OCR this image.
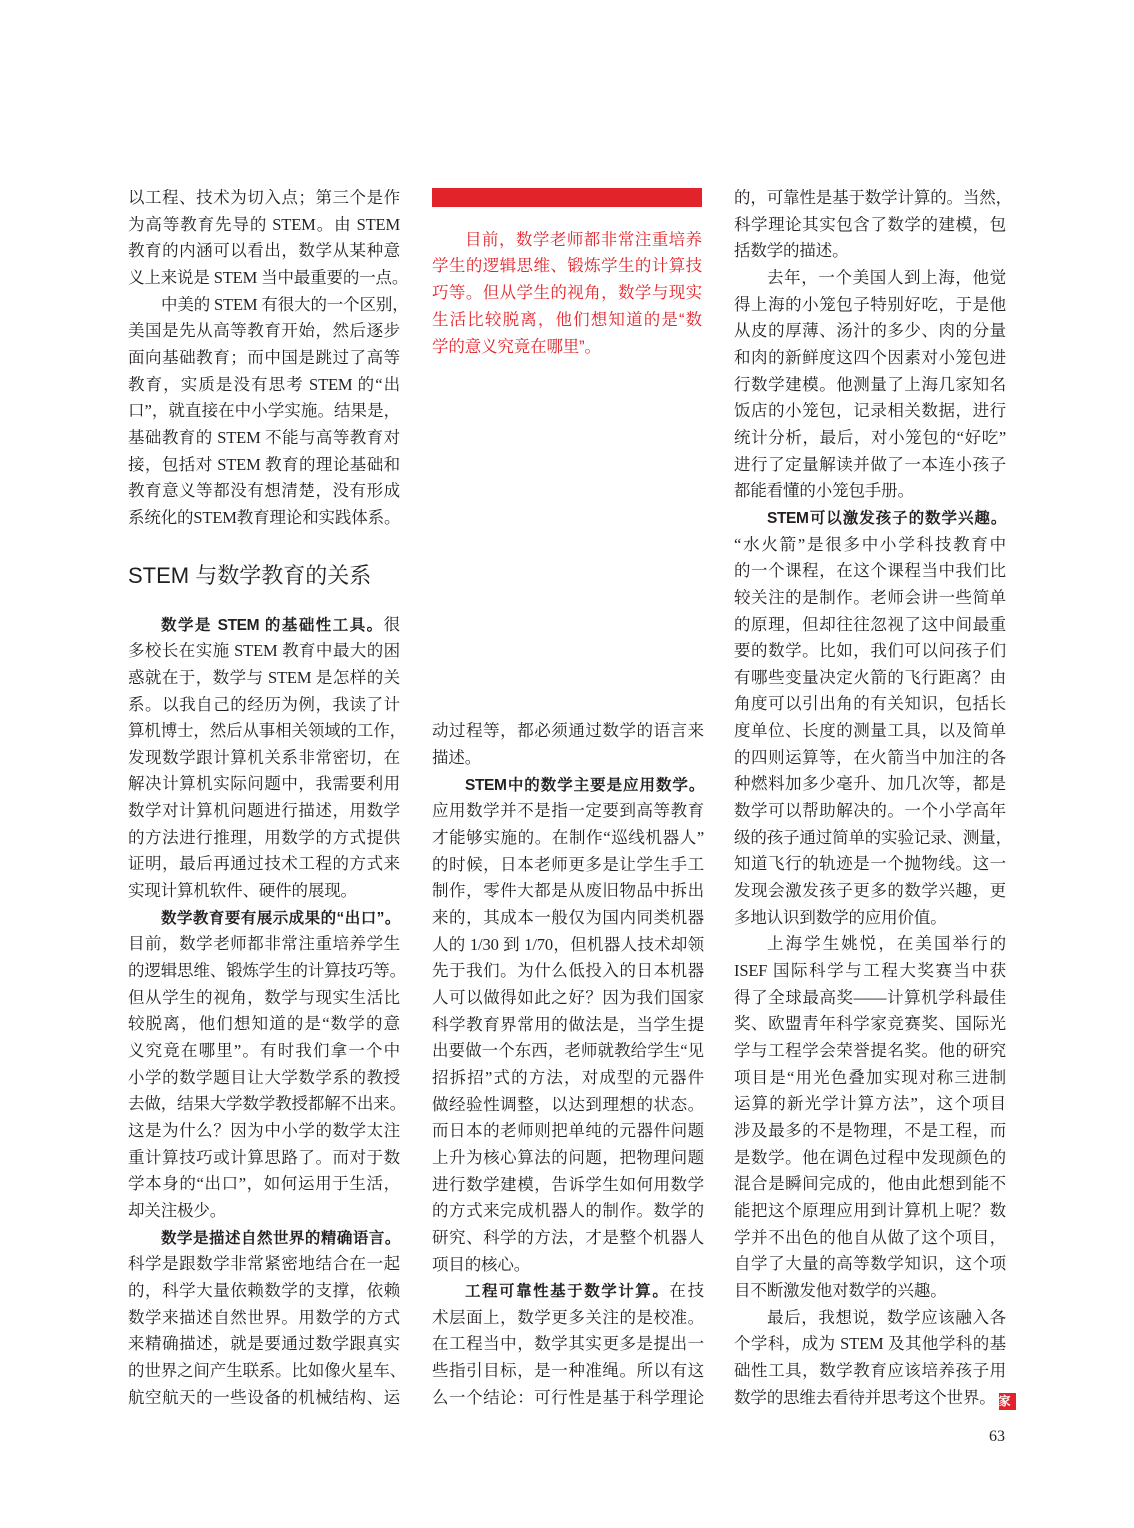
以工程、技术为切入点；第三个是作
为高等教育先导的 STEM。由 STEM
教育的内涵可以看出，数学从某种意
义上来说是 STEM 当中最重要的一点。
中美的 STEM 有很大的一个区别，
美国是先从高等教育开始，然后逐步
面向基础教育；而中国是跳过了高等
教育，实质是没有思考 STEM 的“出
口”，就直接在中小学实施。结果是，
基础教育的 STEM 不能与高等教育对
接，包括对 STEM 教育的理论基础和
教育意义等都没有想清楚，没有形成
系统化的STEM教育理论和实践体系。
STEM 与数学教育的关系
数学是 STEM 的基础性工具。很
多校长在实施 STEM 教育中最大的困
惑就在于，数学与 STEM 是怎样的关
系。以我自己的经历为例，我读了计
算机博士，然后从事相关领域的工作，
发现数学跟计算机关系非常密切，在
解决计算机实际问题中，我需要利用
数学对计算机问题进行描述，用数学
的方法进行推理，用数学的方式提供
证明，最后再通过技术工程的方式来
实现计算机软件、硬件的展现。
数学教育要有展示成果的“出口”。
目前，数学老师都非常注重培养学生
的逻辑思维、锻炼学生的计算技巧等。
但从学生的视角，数学与现实生活比
较脱离，他们想知道的是“数学的意
义究竟在哪里”。有时我们拿一个中
小学的数学题目让大学数学系的教授
去做，结果大学数学教授都解不出来。
这是为什么？因为中小学的数学太注
重计算技巧或计算思路了。而对于数
学本身的“出口”，如何运用于生活，
却关注极少。
数学是描述自然世界的精确语言。
科学是跟数学非常紧密地结合在一起
的，科学大量依赖数学的支撑，依赖
数学来描述自然世界。用数学的方式
来精确描述，就是要通过数学跟真实
的世界之间产生联系。比如像火星车、
航空航天的一些设备的机械结构、运
目前，数学老师都非常注重培养
学生的逻辑思维、锻炼学生的计算技
巧等。但从学生的视角，数学与现实
生活比较脱离，他们想知道的是“数
学的意义究竟在哪里”。
动过程等，都必须通过数学的语言来
描述。
STEM中的数学主要是应用数学。
应用数学并不是指一定要到高等教育
才能够实施的。在制作“巡线机器人”
的时候，日本老师更多是让学生手工
制作，零件大都是从废旧物品中拆出
来的，其成本一般仅为国内同类机器
人的 1/30 到 1/70，但机器人技术却领
先于我们。为什么低投入的日本机器
人可以做得如此之好？因为我们国家
科学教育界常用的做法是，当学生提
出要做一个东西，老师就教给学生“见
招拆招”式的方法，对成型的元器件
做经验性调整，以达到理想的状态。
而日本的老师则把单纯的元器件问题
上升为核心算法的问题，把物理问题
进行数学建模，告诉学生如何用数学
的方式来完成机器人的制作。数学的
研究、科学的方法，才是整个机器人
项目的核心。
工程可靠性基于数学计算。在技
术层面上，数学更多关注的是校准。
在工程当中，数学其实更多是提出一
些指引目标，是一种准绳。所以有这
么一个结论：可行性是基于科学理论
的，可靠性是基于数学计算的。当然，
科学理论其实包含了数学的建模，包
括数学的描述。
去年，一个美国人到上海，他觉
得上海的小笼包子特别好吃，于是他
从皮的厚薄、汤汁的多少、肉的分量
和肉的新鲜度这四个因素对小笼包进
行数学建模。他测量了上海几家知名
饭店的小笼包，记录相关数据，进行
统计分析，最后，对小笼包的“好吃”
进行了定量解读并做了一本连小孩子
都能看懂的小笼包手册。
STEM可以激发孩子的数学兴趣。
“水火箭”是很多中小学科技教育中
的一个课程，在这个课程当中我们比
较关注的是制作。老师会讲一些简单
的原理，但却往往忽视了这中间最重
要的数学。比如，我们可以问孩子们
有哪些变量决定火箭的飞行距离？由
角度可以引出角的有关知识，包括长
度单位、长度的测量工具，以及简单
的四则运算等，在火箭当中加注的各
种燃料加多少毫升、加几次等，都是
数学可以帮助解决的。一个小学高年
级的孩子通过简单的实验记录、测量，
知道飞行的轨迹是一个抛物线。这一
发现会激发孩子更多的数学兴趣，更
多地认识到数学的应用价值。
上海学生姚悦，在美国举行的
ISEF 国际科学与工程大奖赛当中获
得了全球最高奖——计算机学科最佳
奖、欧盟青年科学家竞赛奖、国际光
学与工程学会荣誉提名奖。他的研究
项目是“用光色叠加实现对称三进制
运算的新光学计算方法”，这个项目
涉及最多的不是物理，不是工程，而
是数学。他在调色过程中发现颜色的
混合是瞬间完成的，他由此想到能不
能把这个原理应用到计算机上呢？数
学并不出色的他自从做了这个项目，
自学了大量的高等数学知识，这个项
目不断激发他对数学的兴趣。
最后，我想说，数学应该融入各
个学科，成为 STEM 及其他学科的基
础性工具，数学教育应该培养孩子用
数学的思维去看待并思考这个世界。 家
63
